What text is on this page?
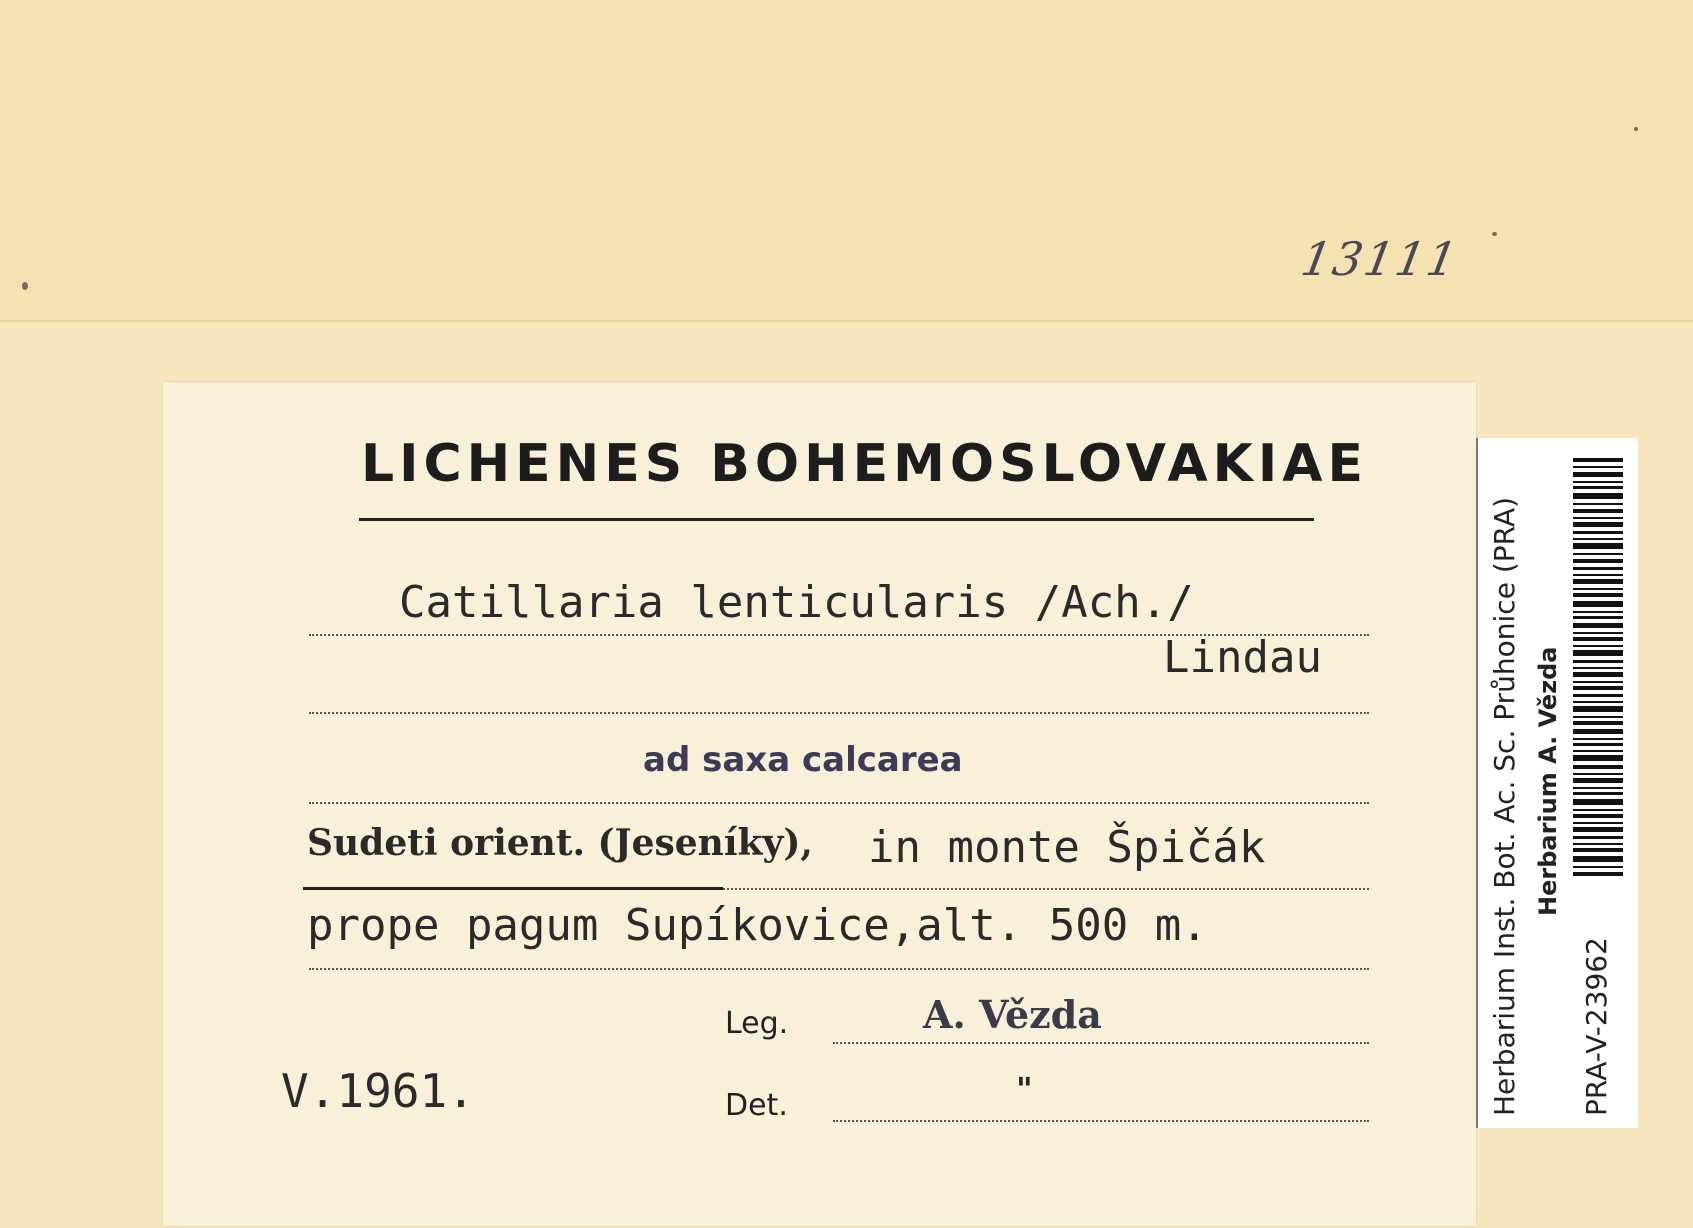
13111
LICHENES BOHEMOSLOVAKIAE
Catillaria lenticularis /Ach./
Lindau
ad saxa calcarea
Sudeti orient. (Jeseníky), in monte Špičák
prope pagum Supíkovice,alt. 500 m.
Leg.	A. Vězda
V.1961.	Det.	"	Herbarium Inst. Bot. Ac. Sc. Průhonice (PRA) Herbarium A. Vězda
PRA-V-23962
